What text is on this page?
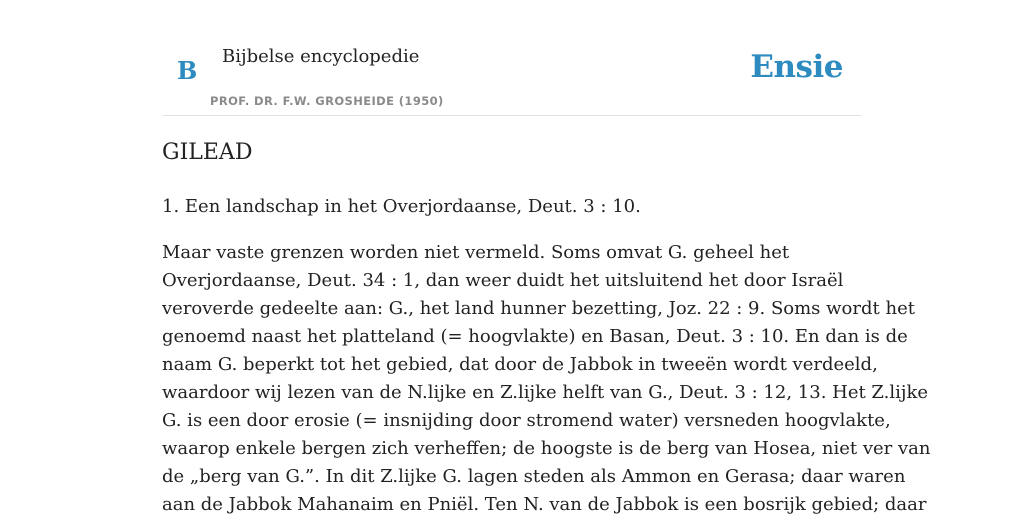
B Bijbelse encyclopedie
PROF. DR. F.W. GROSHEIDE (1950)
Ensie
GILEAD

1. Een landschap in het Overjordaanse, Deut. 3 : 10.

Maar vaste grenzen worden niet vermeld. Soms omvat G. geheel het
Overjordaanse, Deut. 34 : 1, dan weer duidt het uitsluitend het door Israël
veroverde gedeelte aan: G., het land hunner bezetting, Joz. 22 : 9. Soms wordt het
genoemd naast het platteland (= hoogvlakte) en Basan, Deut. 3 : 10. En dan is de
naam G. beperkt tot het gebied, dat door de Jabbok in tweeën wordt verdeeld,
waardoor wij lezen van de N.lijke en Z.lijke helft van G., Deut. 3 : 12, 13. Het Z.lijke
G. is een door erosie (= insnijding door stromend water) versneden hoogvlakte,
waarop enkele bergen zich verheffen; de hoogste is de berg van Hosea, niet ver van
de „berg van G.”. In dit Z.lijke G. lagen steden als Ammon en Gerasa; daar waren
aan de Jabbok Mahanaim en Pniël. Ten N. van de Jabbok is een bosrijk gebied; daar
